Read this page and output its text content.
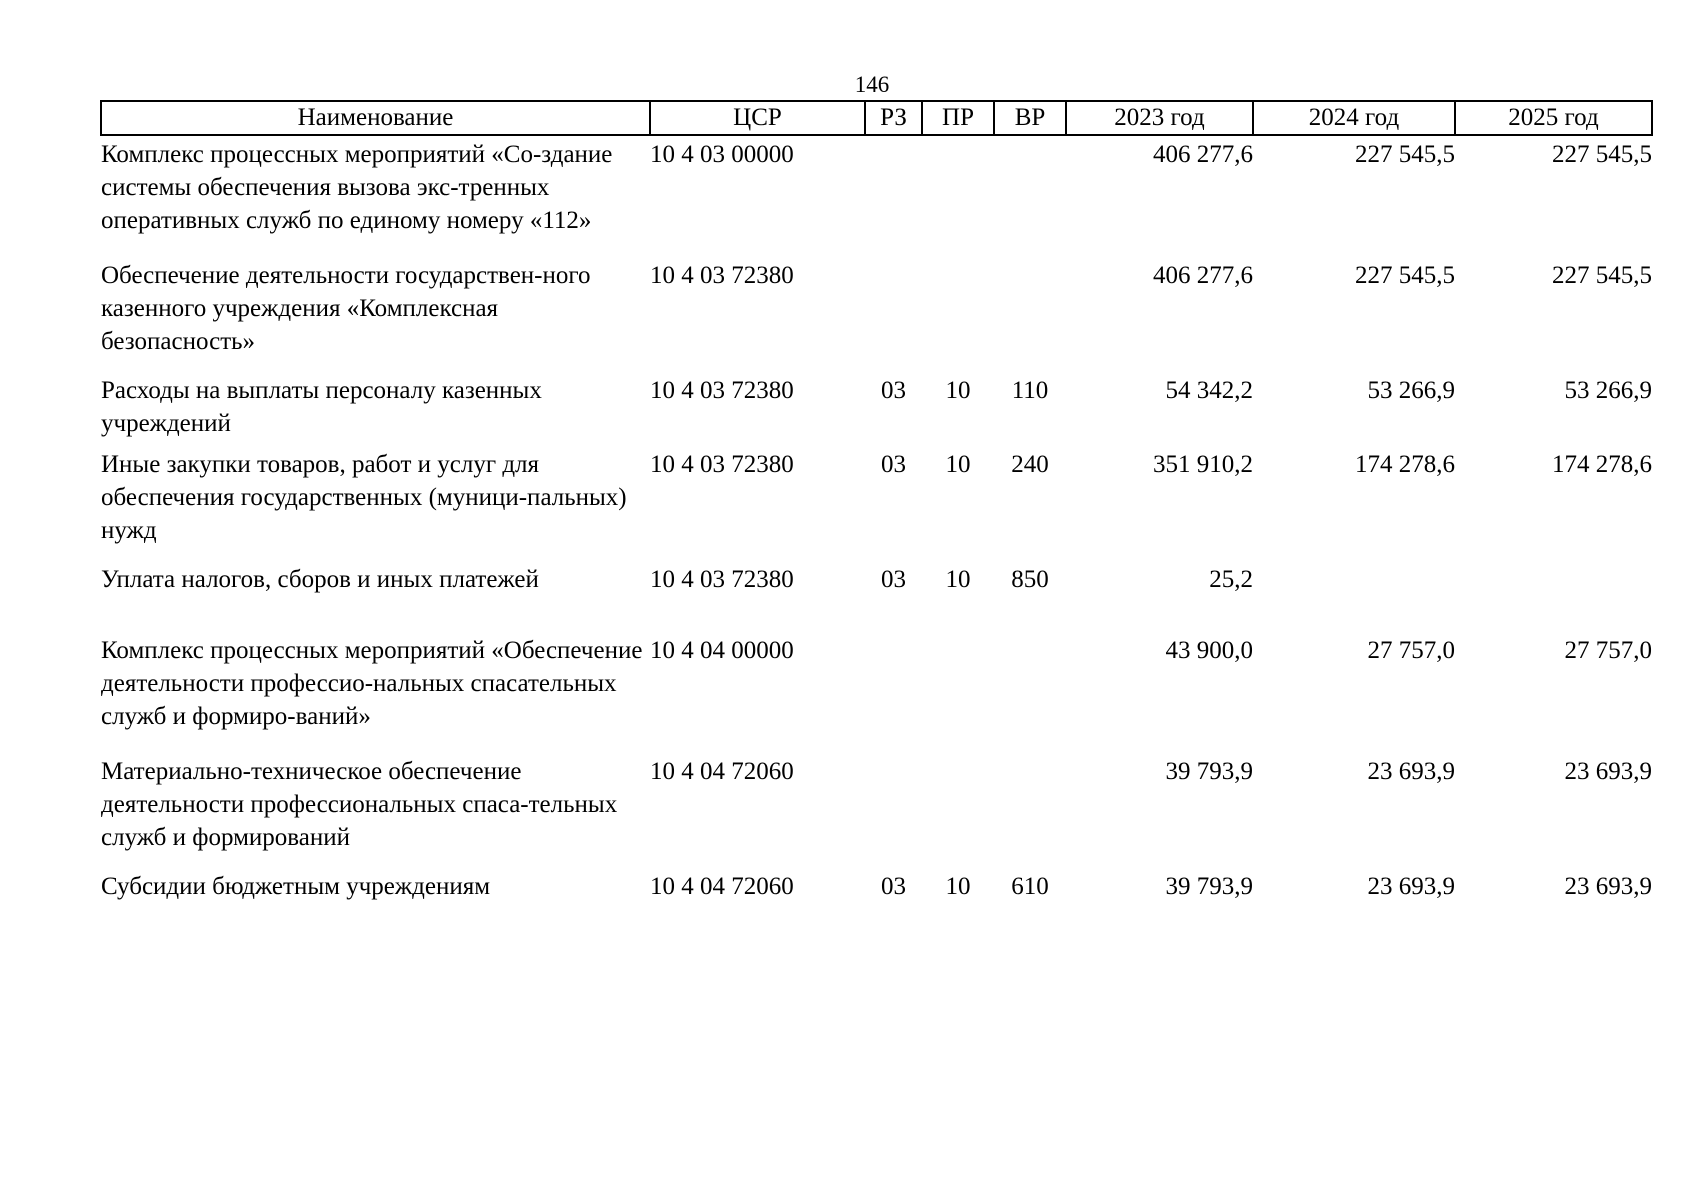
146
Наименование	ЦСР	РЗ	ПР	ВР	2023 год	2024 год	2025 год
Комплекс процессных мероприятий «Со-здание системы обеспечения вызова экс-тренных оперативных служб по единому номеру «112»	10 4 03 00000				406 277,6	227 545,5	227 545,5
Обеспечение деятельности государствен-ного казенного учреждения «Комплексная безопасность»	10 4 03 72380				406 277,6	227 545,5	227 545,5
Расходы на выплаты персоналу казенных учреждений	10 4 03 72380	03	10	110	54 342,2	53 266,9	53 266,9
Иные закупки товаров, работ и услуг для обеспечения государственных (муници-пальных) нужд	10 4 03 72380	03	10	240	351 910,2	174 278,6	174 278,6
Уплата налогов, сборов и иных платежей	10 4 03 72380	03	10	850	25,2		
Комплекс процессных мероприятий «Обеспечение деятельности профессио-нальных спасательных служб и формиро-ваний»	10 4 04 00000				43 900,0	27 757,0	27 757,0
Материально-техническое обеспечение деятельности профессиональных спаса-тельных служб и формирований	10 4 04 72060				39 793,9	23 693,9	23 693,9
Субсидии бюджетным учреждениям	10 4 04 72060	03	10	610	39 793,9	23 693,9	23 693,9
